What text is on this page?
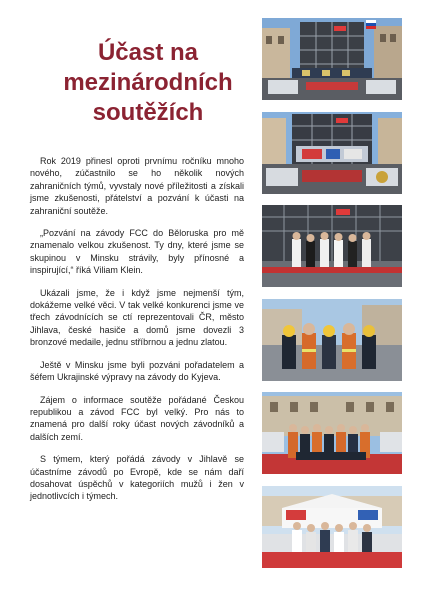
Účast na
mezinárodních
soutěžích

Rok 2019 přinesl oproti prvnímu ročníku mnoho nového, zúčastnilo se ho několik nových zahraničních týmů, vyvstaly nové příležitosti a získali jsme zkušenosti, přátelství a pozvání k účasti na zahraniční soutěže.

„Pozvání na závody FCC do Běloruska pro mě znamenalo velkou zkušenost. Ty dny, které jsme se skupinou v Minsku strávily, byly přínosné a inspirující,“ říká Viliam Klein.

Ukázali jsme, že i když jsme nejmenší tým, dokážeme velké věci. V tak velké konkurenci jsme ve třech závodnících se ctí reprezentovali ČR, město Jihlava, české hasiče a domů jsme dovezli 3 bronzové medaile, jednu stříbrnou a jednu zlatou.

Ještě v Minsku jsme byli pozváni pořadatelem a šéfem Ukrajinské výpravy na závody do Kyjeva.

Zájem o informace soutěže pořádané Českou republikou a závod FCC byl velký. Pro nás to znamená pro další roky účast nových závodníků a dalších zemí.

S týmem, který pořádá závody v Jihlavě se účastníme závodů po Evropě, kde se nám daří dosahovat úspěchů v kategoriích mužů i žen v jednotlivcích i týmech.
